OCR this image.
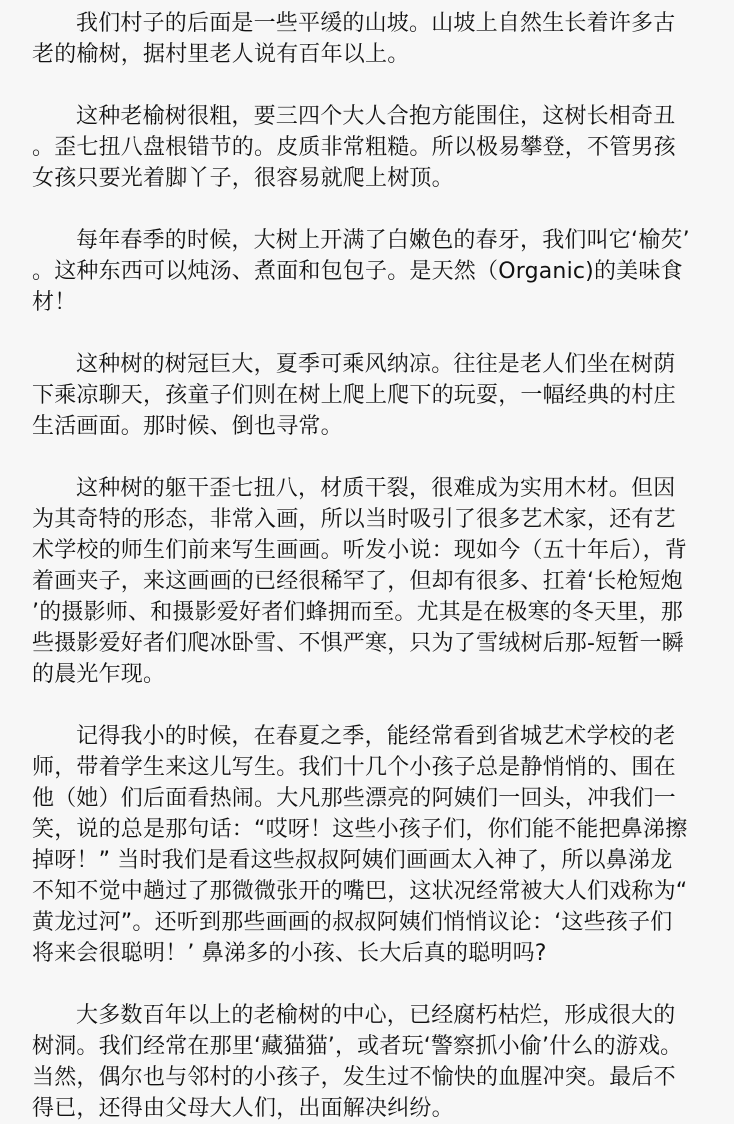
我们村子的后面是一些平缓的山坡。山坡上自然生长着许多古老的榆树，据村里老人说有百年以上。

这种老榆树很粗，要三四个大人合抱方能围住，这树长相奇丑。歪七扭八盘根错节的。皮质非常粗糙。所以极易攀登，不管男孩女孩只要光着脚丫子，很容易就爬上树顶。

每年春季的时候，大树上开满了白嫩色的春牙，我们叫它‘榆芡’。这种东西可以炖汤、煮面和包包子。是天然（Organic)的美味食材！

这种树的树冠巨大，夏季可乘风纳凉。往往是老人们坐在树荫下乘凉聊天，孩童子们则在树上爬上爬下的玩耍，一幅经典的村庄生活画面。那时候、倒也寻常。

这种树的躯干歪七扭八，材质干裂，很难成为实用木材。但因为其奇特的形态，非常入画，所以当时吸引了很多艺术家，还有艺术学校的师生们前来写生画画。听发小说：现如今（五十年后），背着画夹子，来这画画的已经很稀罕了，但却有很多、扛着‘长枪短炮’的摄影师、和摄影爱好者们蜂拥而至。尤其是在极寒的冬天里，那些摄影爱好者们爬冰卧雪、不惧严寒，只为了雪绒树后那-短暂一瞬的晨光乍现。

记得我小的时候，在春夏之季，能经常看到省城艺术学校的老师，带着学生来这儿写生。我们十几个小孩子总是静悄悄的、围在他（她）们后面看热闹。大凡那些漂亮的阿姨们一回头，冲我们一笑，说的总是那句话：“哎呀！这些小孩子们，你们能不能把鼻涕擦掉呀！” 当时我们是看这些叔叔阿姨们画画太入神了，所以鼻涕龙不知不觉中趟过了那微微张开的嘴巴，这状况经常被大人们戏称为“黄龙过河”。还听到那些画画的叔叔阿姨们悄悄议论：‘这些孩子们将来会很聪明！’ 鼻涕多的小孩、长大后真的聪明吗?

大多数百年以上的老榆树的中心，已经腐朽枯烂，形成很大的树洞。我们经常在那里‘藏猫猫’，或者玩‘警察抓小偷’什么的游戏。当然，偶尔也与邻村的小孩子，发生过不愉快的血腥冲突。最后不得已，还得由父母大人们，出面解决纠纷。
